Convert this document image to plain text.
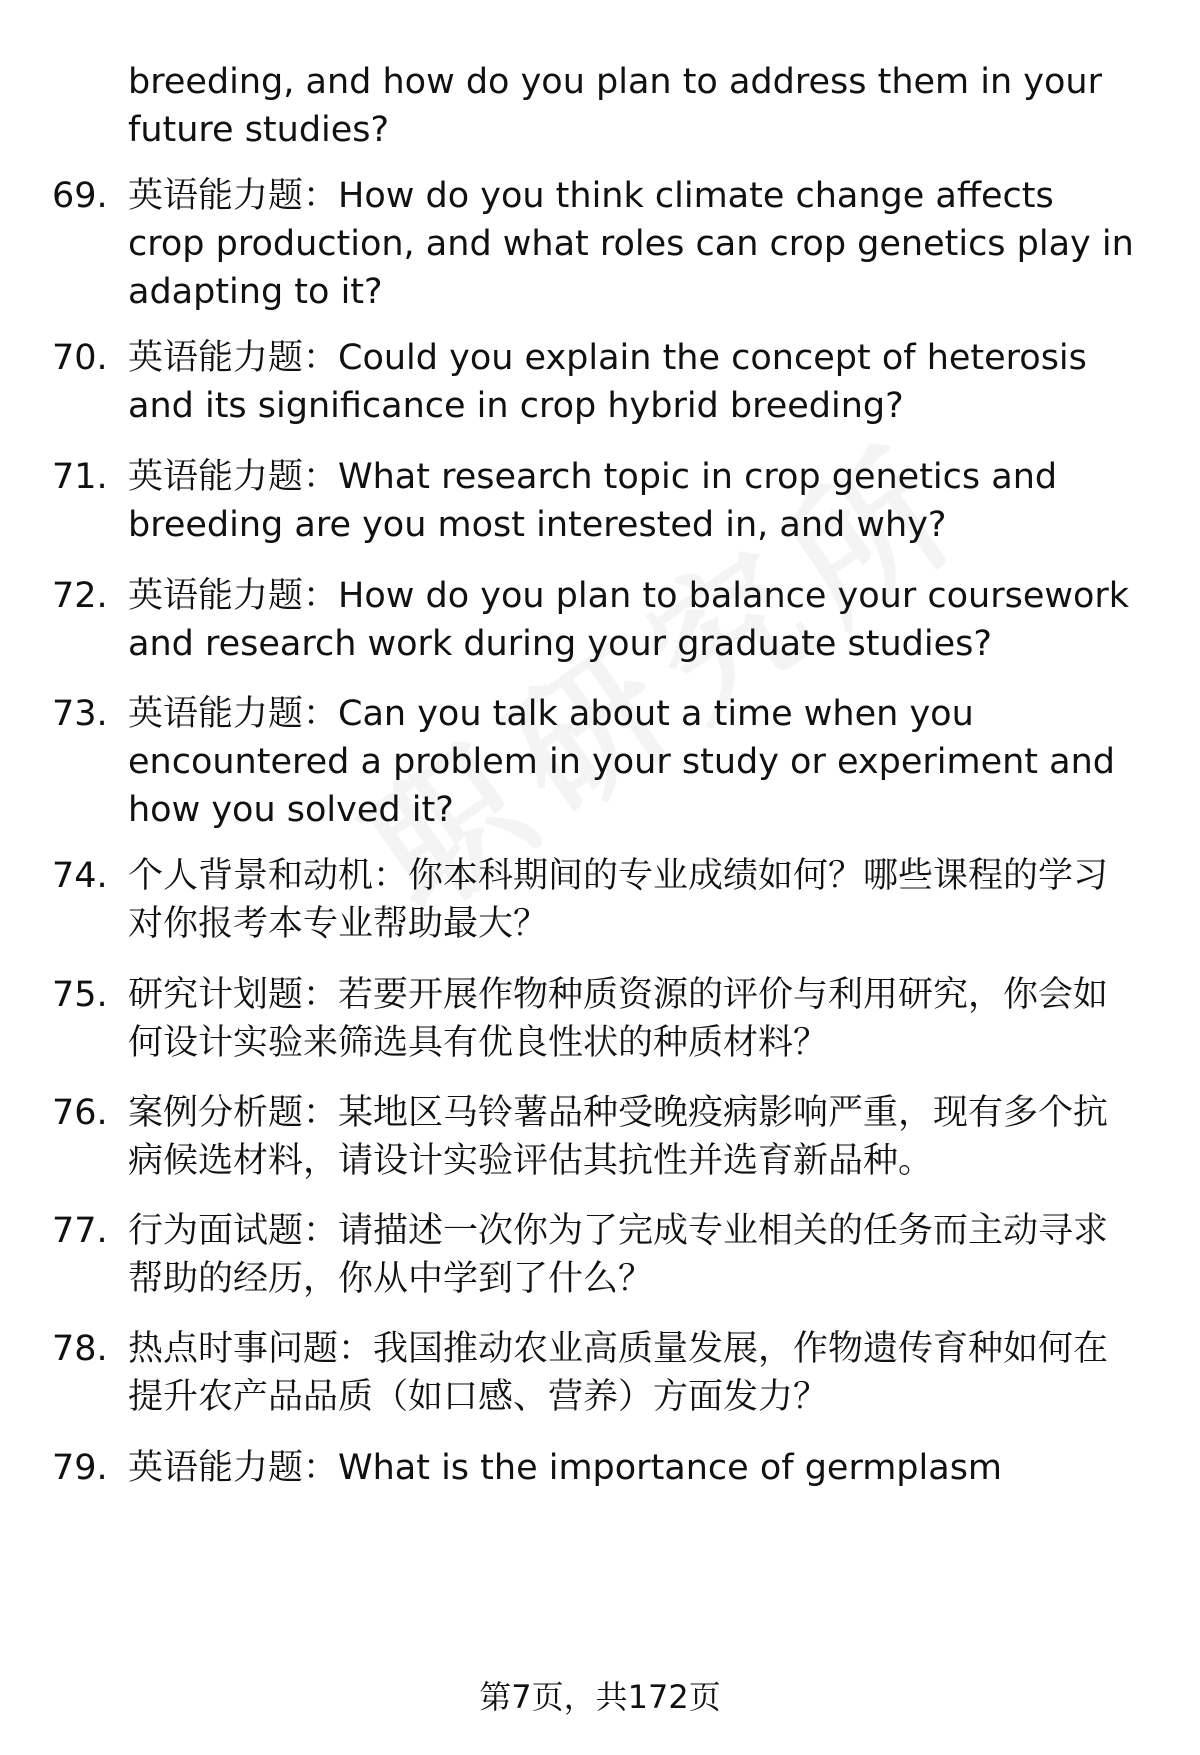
breeding, and how do you plan to address them in your future studies?

69. 英语能力题：How do you think climate change affects crop production, and what roles can crop genetics play in adapting to it?
70. 英语能力题：Could you explain the concept of heterosis and its significance in crop hybrid breeding?
71. 英语能力题：What research topic in crop genetics and breeding are you most interested in, and why?
72. 英语能力题：How do you plan to balance your coursework and research work during your graduate studies?
73. 英语能力题：Can you talk about a time when you encountered a problem in your study or experiment and how you solved it?
74. 个人背景和动机：你本科期间的专业成绩如何？哪些课程的学习对你报考本专业帮助最大？
75. 研究计划题：若要开展作物种质资源的评价与利用研究，你会如何设计实验来筛选具有优良性状的种质材料？
76. 案例分析题：某地区马铃薯品种受晚疫病影响严重，现有多个抗病候选材料，请设计实验评估其抗性并选育新品种。
77. 行为面试题：请描述一次你为了完成专业相关的任务而主动寻求帮助的经历，你从中学到了什么？
78. 热点时事问题：我国推动农业高质量发展，作物遗传育种如何在提升农产品品质（如口感、营养）方面发力？
79. 英语能力题：What is the importance of germplasm
第7页，共172页
